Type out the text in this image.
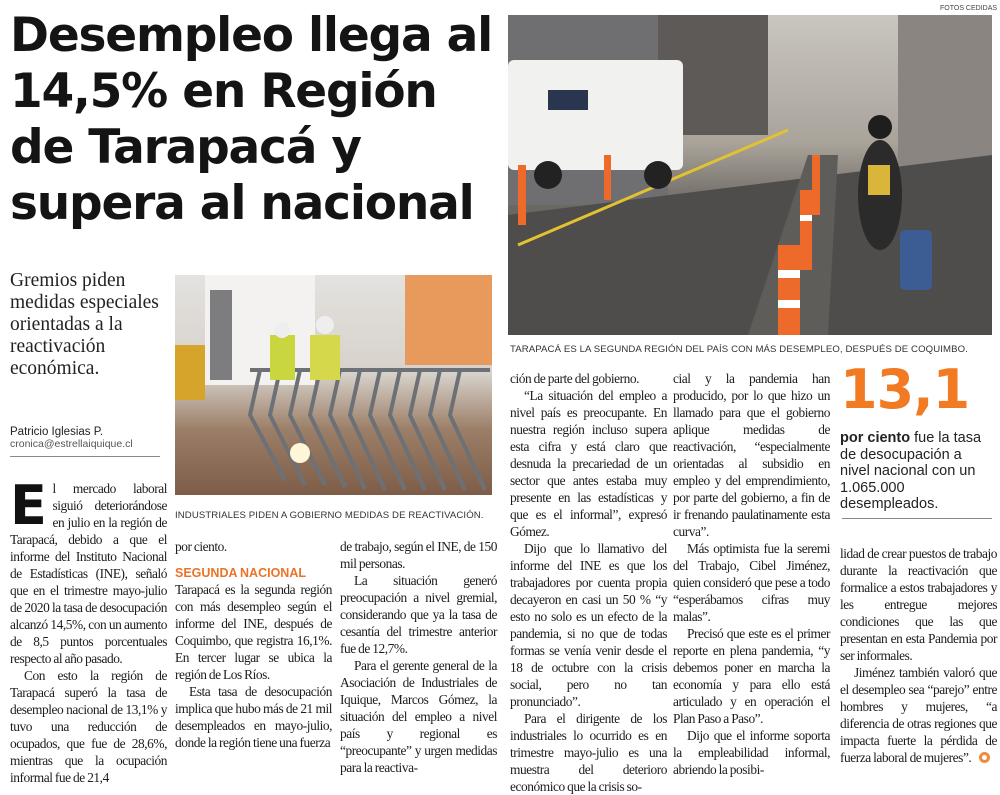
Desempleo llega al
14,5% en Región
de Tarapacá y
supera al nacional
FOTOS CEDIDAS
TARAPACÁ ES LA SEGUNDA REGIÓN DEL PAÍS CON MÁS DESEMPLEO, DESPUÉS DE COQUIMBO.
Gremios piden medidas especiales orientadas a la reactivación económica.
Patricio Iglesias P.
cronica@estrellaiquique.cl
INDUSTRIALES PIDEN A GOBIERNO MEDIDAS DE REACTIVACIÓN.

El mercado laboral siguió deteriorándose en julio en la región de Tarapacá, debido a que el informe del Instituto Nacional de Estadísticas (INE), señaló que en el trimestre mayo-julio de 2020 la tasa de desocupación alcanzó 14,5%, con un aumento de 8,5 puntos porcentuales respecto al año pasado.

Con esto la región de Tarapacá superó la tasa de desempleo nacional de 13,1% y tuvo una reducción de ocupados, que fue de 28,6%, mientras que la ocupación informal fue de 21,4

por ciento.

SEGUNDA NACIONAL

Tarapacá es la segunda región con más desempleo según el informe del INE, después de Coquimbo, que registra 16,1%. En tercer lugar se ubica la región de Los Ríos.

Esta tasa de desocupación implica que hubo más de 21 mil desempleados en mayo-julio, donde la región tiene una fuerza

de trabajo, según el INE, de 150 mil personas.

La situación generó preocupación a nivel gremial, considerando que ya la tasa de cesantía del trimestre anterior fue de 12,7%.

Para el gerente general de la Asociación de Industriales de Iquique, Marcos Gómez, la situación del empleo a nivel país y regional es “preocupante” y urgen medidas para la reactiva-

ción de parte del gobierno.

“La situación del empleo a nivel país es preocupante. En nuestra región incluso supera esta cifra y está claro que desnuda la precariedad de un sector que antes estaba muy presente en las estadísticas y que es el informal”, expresó Gómez.

Dijo que lo llamativo del informe del INE es que los trabajadores por cuenta propia decayeron en casi un 50 % “y esto no solo es un efecto de la pandemia, si no que de todas formas se venía venir desde el 18 de octubre con la crisis social, pero no tan pronunciado”.

Para el dirigente de los industriales lo ocurrido es en trimestre mayo-julio es una muestra del deterioro económico que la crisis so-

cial y la pandemia han producido, por lo que hizo un llamado para que el gobierno aplique medidas de reactivación, “especialmente orientadas al subsidio en empleo y del emprendimiento, por parte del gobierno, a fin de ir frenando paulatinamente esta curva”.

Más optimista fue la seremi del Trabajo, Cibel Jiménez, quien consideró que pese a todo “esperábamos cifras muy malas”.

Precisó que este es el primer reporte en plena pandemia, “y debemos poner en marcha la economía y para ello está articulado y en operación el Plan Paso a Paso”.

Dijo que el informe soporta la empleabilidad informal, abriendo la posibi-

13,1
por ciento fue la tasa de desocupación a nivel nacional con un 1.065.000 desempleados.

lidad de crear puestos de trabajo durante la reactivación que formalice a estos trabajadores y les entregue mejores condiciones que las que presentan en esta Pandemia por ser informales.

Jiménez también valoró que el desempleo sea “parejo” entre hombres y mujeres, “a diferencia de otras regiones que impacta fuerte la pérdida de fuerza laboral de mujeres”.
